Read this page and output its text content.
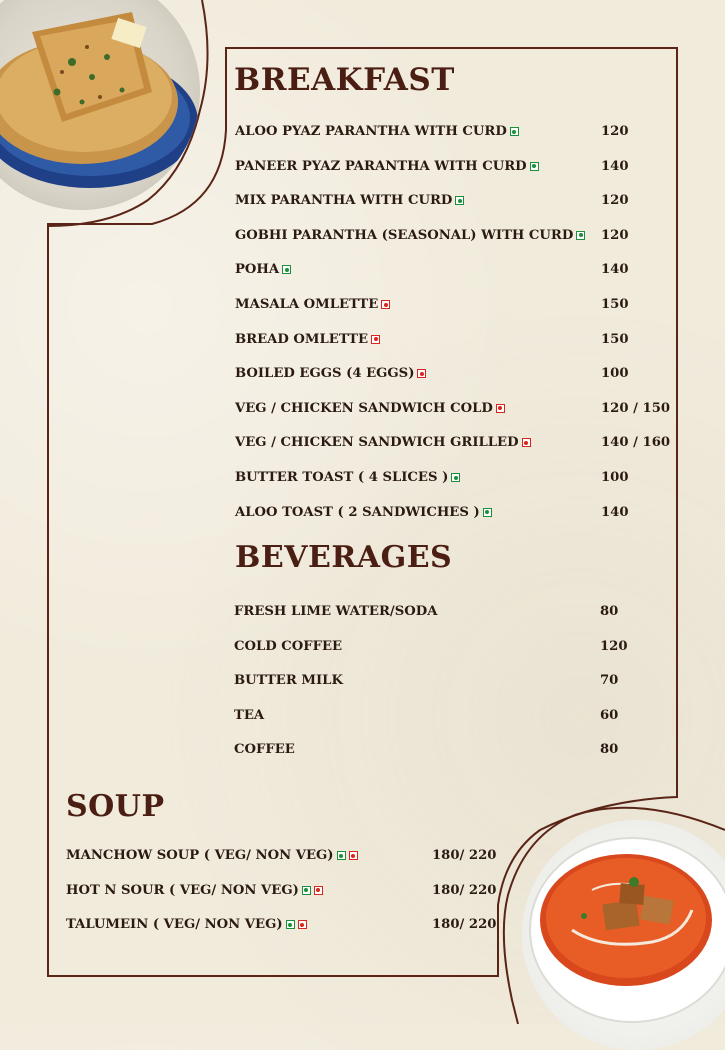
BREAKFAST
ALOO PYAZ PARANTHA WITH CURD	120
PANEER PYAZ PARANTHA WITH CURD	140
MIX PARANTHA WITH CURD	120
GOBHI PARANTHA (SEASONAL) WITH CURD	120
POHA	140
MASALA OMLETTE	150
BREAD OMLETTE	150
BOILED EGGS (4 EGGS)	100
VEG / CHICKEN SANDWICH COLD	120 / 150
VEG / CHICKEN SANDWICH GRILLED	140 / 160
BUTTER TOAST ( 4 SLICES )	100
ALOO TOAST ( 2 SANDWICHES )	140
BEVERAGES
FRESH LIME WATER/SODA	80
COLD COFFEE	120
BUTTER MILK	70
TEA	60
COFFEE	80
SOUP
MANCHOW SOUP ( VEG/ NON VEG)	180/ 220
HOT N SOUR ( VEG/ NON VEG)	180/ 220
TALUMEIN ( VEG/ NON VEG)	180/ 220
